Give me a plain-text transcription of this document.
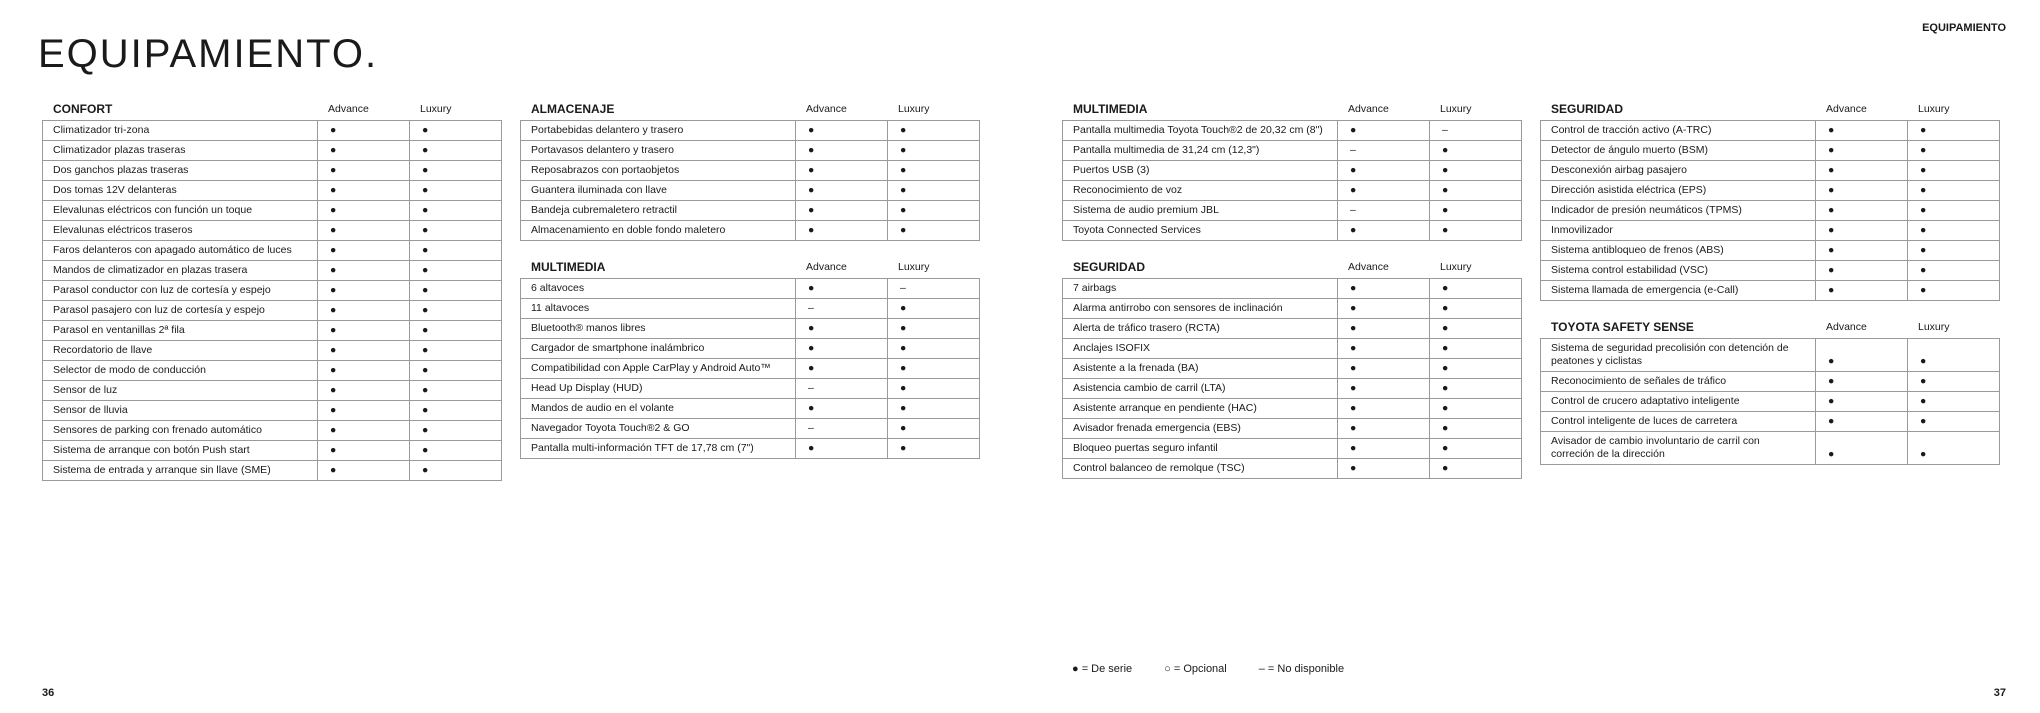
EQUIPAMIENTO.
EQUIPAMIENTO
CONFORT	Advance	Luxury
Climatizador tri-zona	●	●
Climatizador plazas traseras	●	●
Dos ganchos plazas traseras	●	●
Dos tomas 12V delanteras	●	●
Elevalunas eléctricos con función un toque	●	●
Elevalunas eléctricos traseros	●	●
Faros delanteros con apagado automático de luces	●	●
Mandos de climatizador en plazas trasera	●	●
Parasol conductor con luz de cortesía y espejo	●	●
Parasol pasajero con luz de cortesía y espejo	●	●
Parasol en ventanillas 2ª fila	●	●
Recordatorio de llave	●	●
Selector de modo de conducción	●	●
Sensor de luz	●	●
Sensor de lluvia	●	●
Sensores de parking con frenado automático	●	●
Sistema de arranque con botón Push start	●	●
Sistema de entrada y arranque sin llave (SME)	●	●
ALMACENAJE	Advance	Luxury
Portabebidas delantero y trasero	●	●
Portavasos delantero y trasero	●	●
Reposabrazos con portaobjetos	●	●
Guantera iluminada con llave	●	●
Bandeja cubremaletero retractil	●	●
Almacenamiento en doble fondo maletero	●	●
MULTIMEDIA	Advance	Luxury
6 altavoces	●	–
11 altavoces	–	●
Bluetooth® manos libres	●	●
Cargador de smartphone inalámbrico	●	●
Compatibilidad con Apple CarPlay y Android Auto™	●	●
Head Up Display (HUD)	–	●
Mandos de audio en el volante	●	●
Navegador Toyota Touch®2 & GO	–	●
Pantalla multi-información TFT de 17,78 cm (7")	●	●
MULTIMEDIA	Advance	Luxury
Pantalla multimedia Toyota Touch®2 de 20,32 cm (8")	●	–
Pantalla multimedia de 31,24 cm (12,3")	–	●
Puertos USB (3)	●	●
Reconocimiento de voz	●	●
Sistema de audio premium JBL	–	●
Toyota Connected Services	●	●
SEGURIDAD	Advance	Luxury
7 airbags	●	●
Alarma antirrobo con sensores de inclinación	●	●
Alerta de tráfico trasero (RCTA)	●	●
Anclajes ISOFIX	●	●
Asistente a la frenada (BA)	●	●
Asistencia cambio de carril (LTA)	●	●
Asistente arranque en pendiente (HAC)	●	●
Avisador frenada emergencia (EBS)	●	●
Bloqueo puertas seguro infantil	●	●
Control balanceo de remolque (TSC)	●	●
SEGURIDAD	Advance	Luxury
Control de tracción activo (A-TRC)	●	●
Detector de ángulo muerto (BSM)	●	●
Desconexión airbag pasajero	●	●
Dirección asistida eléctrica (EPS)	●	●
Indicador de presión neumáticos (TPMS)	●	●
Inmovilizador	●	●
Sistema antibloqueo de frenos (ABS)	●	●
Sistema control estabilidad (VSC)	●	●
Sistema llamada de emergencia (e-Call)	●	●
TOYOTA SAFETY SENSE	Advance	Luxury
Sistema de seguridad precolisión con detención de peatones y ciclistas	●	●
Reconocimiento de señales de tráfico	●	●
Control de crucero adaptativo inteligente	●	●
Control inteligente de luces de carretera	●	●
Avisador de cambio involuntario de carril con correción de la dirección	●	●
● = De serie	○ = Opcional	– = No disponible
36	37
